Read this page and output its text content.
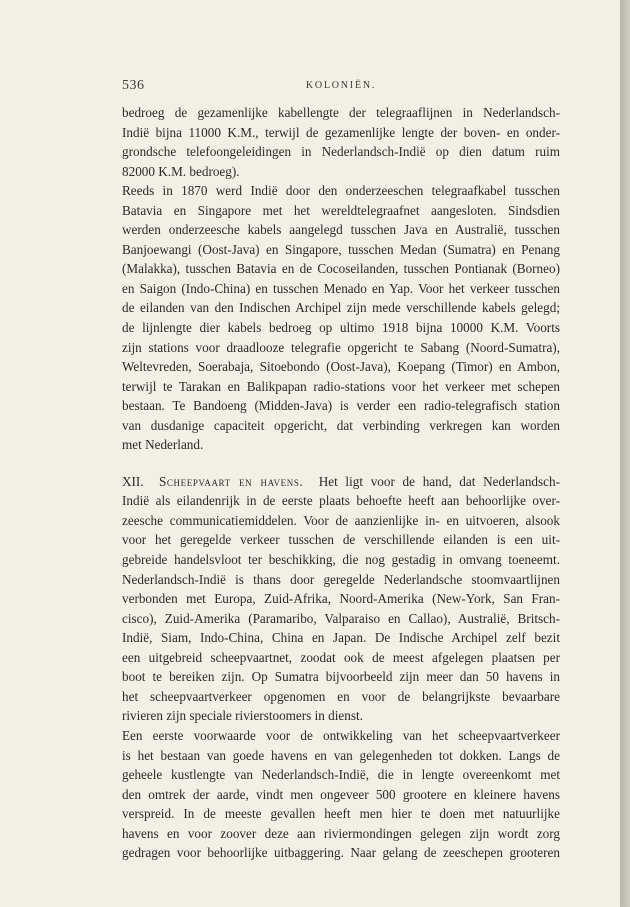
536	KOLONIËN.
bedroeg de gezamenlijke kabellengte der telegraaflijnen in Nederlandsch-
Indië bijna 11000 K.M., terwijl de gezamenlijke lengte der boven- en onder-
grondsche telefoongeleidingen in Nederlandsch-Indië op dien datum ruim
82000 K.M. bedroeg).
Reeds in 1870 werd Indië door den onderzeeschen telegraafkabel tusschen
Batavia en Singapore met het wereldtelegraafnet aangesloten. Sindsdien
werden onderzeesche kabels aangelegd tusschen Java en Australië, tusschen
Banjoewangi (Oost-Java) en Singapore, tusschen Medan (Sumatra) en Penang
(Malakka), tusschen Batavia en de Cocoseilanden, tusschen Pontianak (Borneo)
en Saigon (Indo-China) en tusschen Menado en Yap. Voor het verkeer tusschen
de eilanden van den Indischen Archipel zijn mede verschillende kabels gelegd;
de lijnlengte dier kabels bedroeg op ultimo 1918 bijna 10000 K.M. Voorts
zijn stations voor draadlooze telegrafie opgericht te Sabang (Noord-Sumatra),
Weltevreden, Soerabaja, Sitoebondo (Oost-Java), Koepang (Timor) en Ambon,
terwijl te Tarakan en Balikpapan radio-stations voor het verkeer met schepen
bestaan. Te Bandoeng (Midden-Java) is verder een radio-telegrafisch station
van dusdanige capaciteit opgericht, dat verbinding verkregen kan worden
met Nederland.
XII. Scheepvaart en havens. Het ligt voor de hand, dat Nederlandsch-
Indië als eilandenrijk in de eerste plaats behoefte heeft aan behoorlijke over-
zeesche communicatiemiddelen. Voor de aanzienlijke in- en uitvoeren, alsook
voor het geregelde verkeer tusschen de verschillende eilanden is een uit-
gebreide handelsvloot ter beschikking, die nog gestadig in omvang toeneemt.
Nederlandsch-Indië is thans door geregelde Nederlandsche stoomvaartlijnen
verbonden met Europa, Zuid-Afrika, Noord-Amerika (New-York, San Fran-
cisco), Zuid-Amerika (Paramaribo, Valparaiso en Callao), Australië, Britsch-
Indië, Siam, Indo-China, China en Japan. De Indische Archipel zelf bezit
een uitgebreid scheepvaartnet, zoodat ook de meest afgelegen plaatsen per
boot te bereiken zijn. Op Sumatra bijvoorbeeld zijn meer dan 50 havens in
het scheepvaartverkeer opgenomen en voor de belangrijkste bevaarbare
rivieren zijn speciale rivierstoomers in dienst.
Een eerste voorwaarde voor de ontwikkeling van het scheepvaartverkeer
is het bestaan van goede havens en van gelegenheden tot dokken. Langs de
geheele kustlengte van Nederlandsch-Indië, die in lengte overeenkomt met
den omtrek der aarde, vindt men ongeveer 500 grootere en kleinere havens
verspreid. In de meeste gevallen heeft men hier te doen met natuurlijke
havens en voor zoover deze aan riviermondingen gelegen zijn wordt zorg
gedragen voor behoorlijke uitbaggering. Naar gelang de zeeschepen grooteren
